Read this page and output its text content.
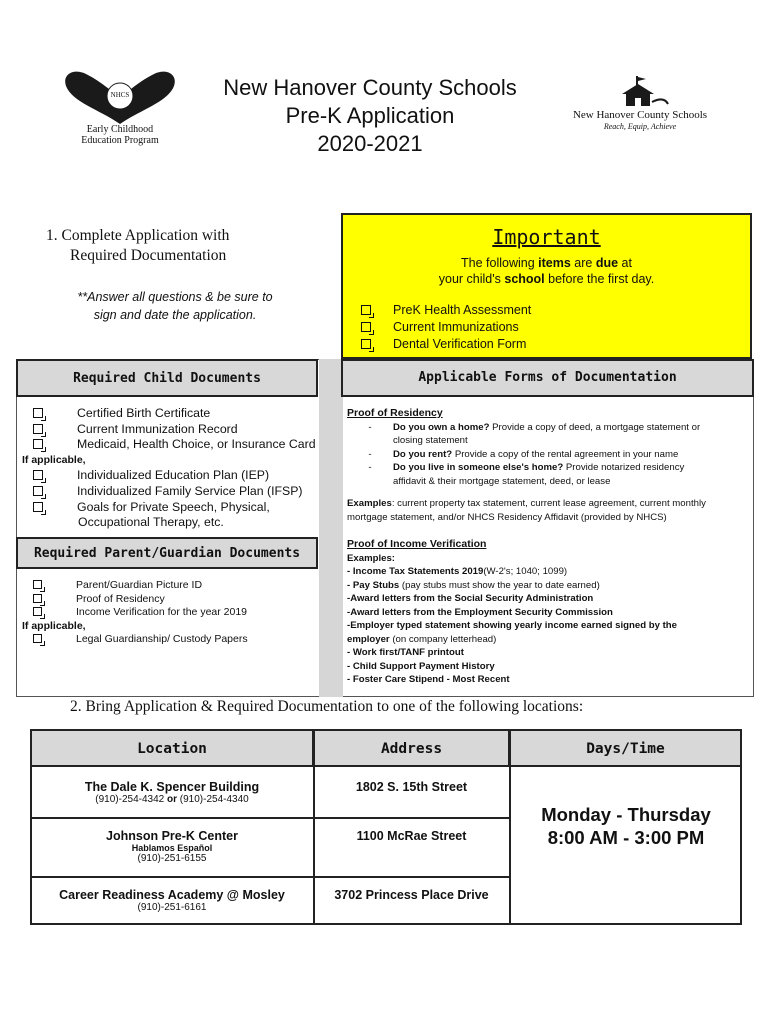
NHCS
Early Childhood
Education Program
New Hanover County Schools
Pre-K Application
2020-2021
New Hanover County Schools
Reach, Equip, Achieve
1. Complete Application with
Required Documentation
**Answer all questions & be sure to
sign and date the application.
Important
The following items are due at
your child's school before the first day.
PreK Health Assessment
Current Immunizations
Dental Verification Form
Required Child Documents	Applicable Forms of Documentation
Required Parent/Guardian Documents
Certified Birth Certificate
Current Immunization Record
Medicaid, Health Choice, or Insurance Card
If applicable,
Individualized Education Plan (IEP)
Individualized Family Service Plan (IFSP)
Goals for Private Speech, Physical,
Occupational Therapy, etc.
Parent/Guardian Picture ID
Proof of Residency
Income Verification for the year 2019
If applicable,
Legal Guardianship/ Custody Papers
Proof of Residency
-	Do you own a home? Provide a copy of deed, a mortgage statement or
closing statement
-	Do you rent? Provide a copy of the rental agreement in your name
-	Do you live in someone else's home? Provide notarized residency
affidavit & their mortgage statement, deed, or lease
Examples: current property tax statement, current lease agreement, current monthly
mortgage statement, and/or NHCS Residency Affidavit (provided by NHCS)
Proof of Income Verification
Examples:
- Income Tax Statements 2019(W-2's; 1040; 1099)
- Pay Stubs (pay stubs must show the year to date earned)
-Award letters from the Social Security Administration
-Award letters from the Employment Security Commission
-Employer typed statement showing yearly income earned signed by the
employer (on company letterhead)
- Work first/TANF printout
- Child Support Payment History
- Foster Care Stipend - Most Recent
2. Bring Application & Required Documentation to one of the following locations:
Location	Address	Days/Time
The Dale K. Spencer Building
(910)-254-4342 or (910)-254-4340
1802 S. 15th Street
Johnson Pre-K Center
Hablamos Español
(910)-251-6155
1100 McRae Street
Career Readiness Academy @ Mosley
(910)-251-6161
3702 Princess Place Drive
Monday - Thursday
8:00 AM - 3:00 PM
